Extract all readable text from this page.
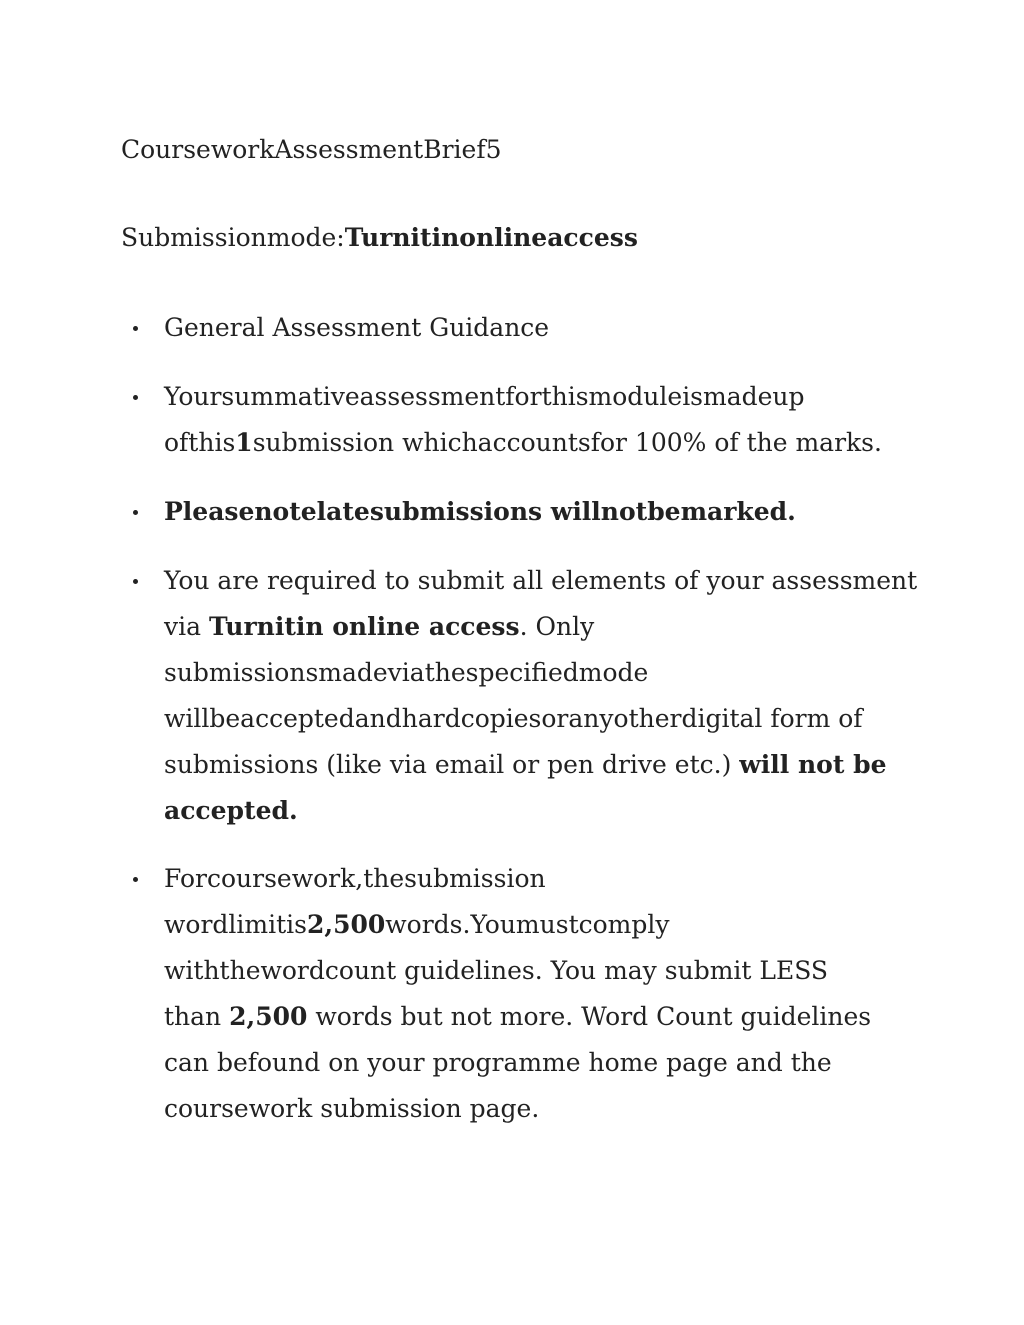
CourseworkAssessmentBrief5
Submissionmode:Turnitinonlineaccess
General Assessment Guidance
Yoursummativeassessmentforthismoduleismadeup
ofthis1submission whichaccountsfor 100% of the marks.
Pleasenotelatesubmissions willnotbemarked.
You are required to submit all elements of your assessment
via Turnitin online access. Only
submissionsmadeviathespecifiedmode
willbeacceptedandhardcopiesoranyotherdigital form of
submissions (like via email or pen drive etc.) will not be
accepted.
Forcoursework,thesubmission
wordlimitis2,500words.Youmustcomply
withthewordcount guidelines. You may submit LESS
than 2,500 words but not more. Word Count guidelines
can befound on your programme home page and the
coursework submission page.
